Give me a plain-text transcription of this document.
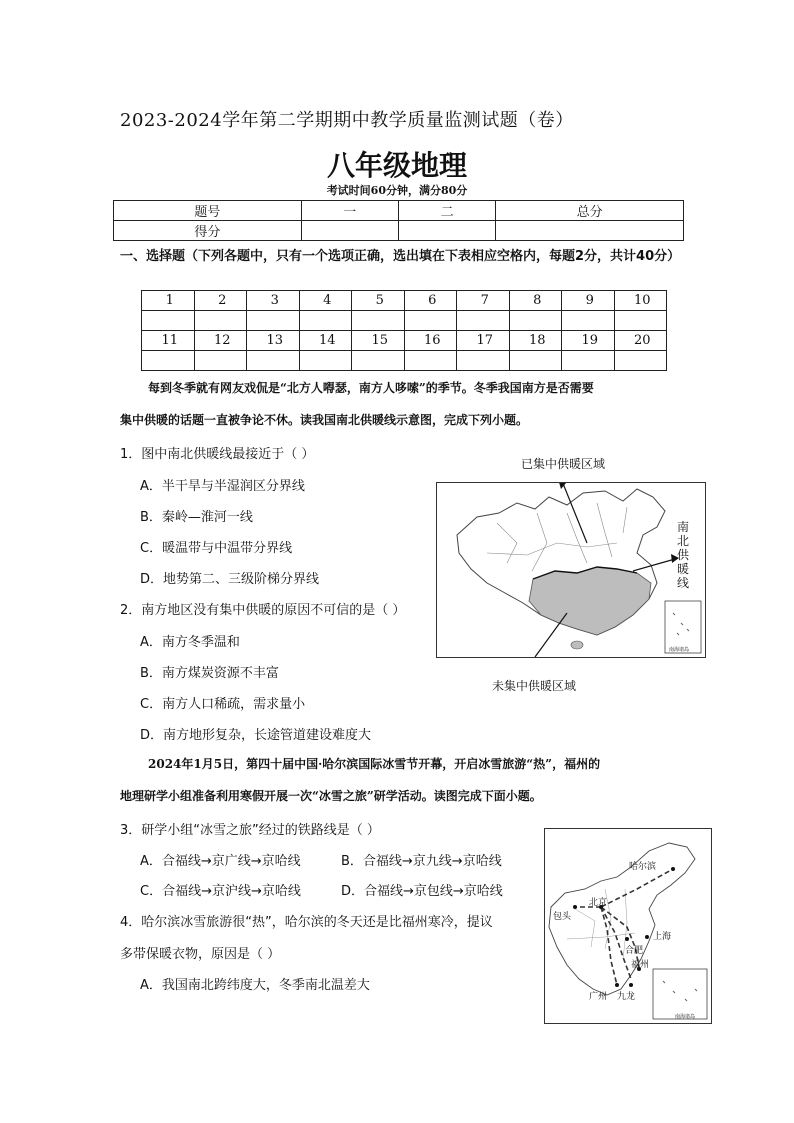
2023-2024学年第二学期期中教学质量监测试题（卷）
八年级地理
考试时间60分钟，满分80分
题号	一	二	总分
得分			
一、选择题（下列各题中，只有一个选项正确，选出填在下表相应空格内，每题2分，共计40分）
1	2	3	4	5	6	7	8	9	10

11	12	13	14	15	16	17	18	19	20

每到冬季就有网友戏侃是“北方人嘚瑟，南方人哆嗦”的季节。冬季我国南方是否需要
集中供暖的话题一直被争论不休。读我国南北供暖线示意图，完成下列小题。
1．图中南北供暖线最接近于（ ）
A．半干旱与半湿润区分界线
B．秦岭—淮河一线
C．暖温带与中温带分界线
D．地势第二、三级阶梯分界线
2．南方地区没有集中供暖的原因不可信的是（ ）
A．南方冬季温和
B．南方煤炭资源不丰富
C．南方人口稀疏，需求量小
D．南方地形复杂，长途管道建设难度大
已集中供暖区域
南海诸岛
南北供暖线
未集中供暖区域
2024年1月5日，第四十届中国·哈尔滨国际冰雪节开幕，开启冰雪旅游“热”，福州的
地理研学小组准备利用寒假开展一次“冰雪之旅”研学活动。读图完成下面小题。
3．研学小组“冰雪之旅”经过的铁路线是（ ）
A．合福线→京广线→京哈线	B．合福线→京九线→京哈线
C．合福线→京沪线→京哈线	D．合福线→京包线→京哈线
4．哈尔滨冰雪旅游很“热”，哈尔滨的冬天还是比福州寒冷，提议
多带保暖衣物，原因是（ ）
A．我国南北跨纬度大，冬季南北温差大
哈尔滨
北京
包头
上海
合肥
福州
广州 九龙
南海诸岛
